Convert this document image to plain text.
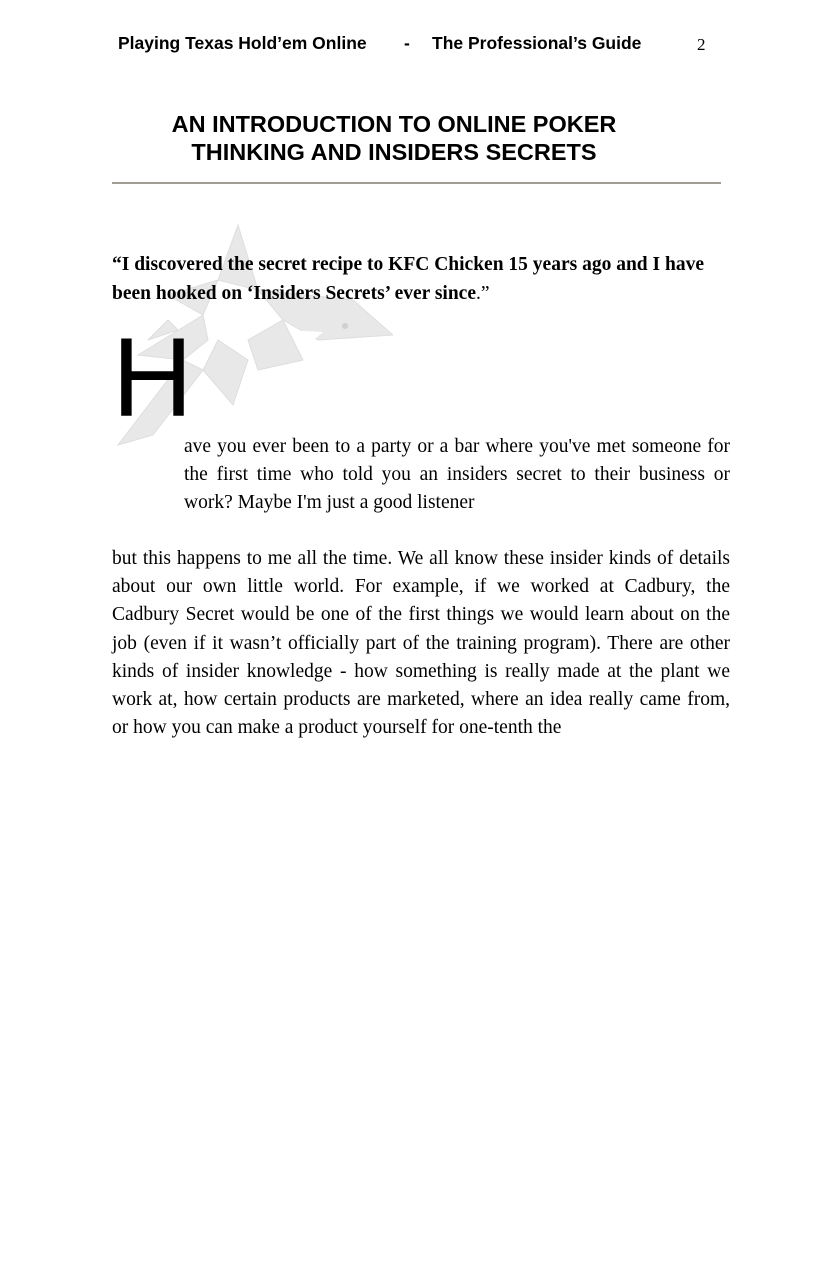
Playing Texas Hold’em Online - The Professional’s Guide	2
AN INTRODUCTION TO ONLINE POKER
THINKING AND INSIDERS SECRETS
“I discovered the secret recipe to KFC Chicken 15 years ago and I have been hooked on ‘Insiders Secrets’ ever since.”
H
ave you ever been to a party or a bar where you've met someone for the first time who told you an insiders secret to their business or work? Maybe I'm just a good listener
but this happens to me all the time. We all know these insider kinds of details about our own little world. For example, if we worked at Cadbury, the Cadbury Secret would be one of the first things we would learn about on the job (even if it wasn’t officially part of the training program). There are other kinds of insider knowledge - how something is really made at the plant we work at, how certain products are marketed, where an idea really came from, or how you can make a product yourself for one-tenth the
